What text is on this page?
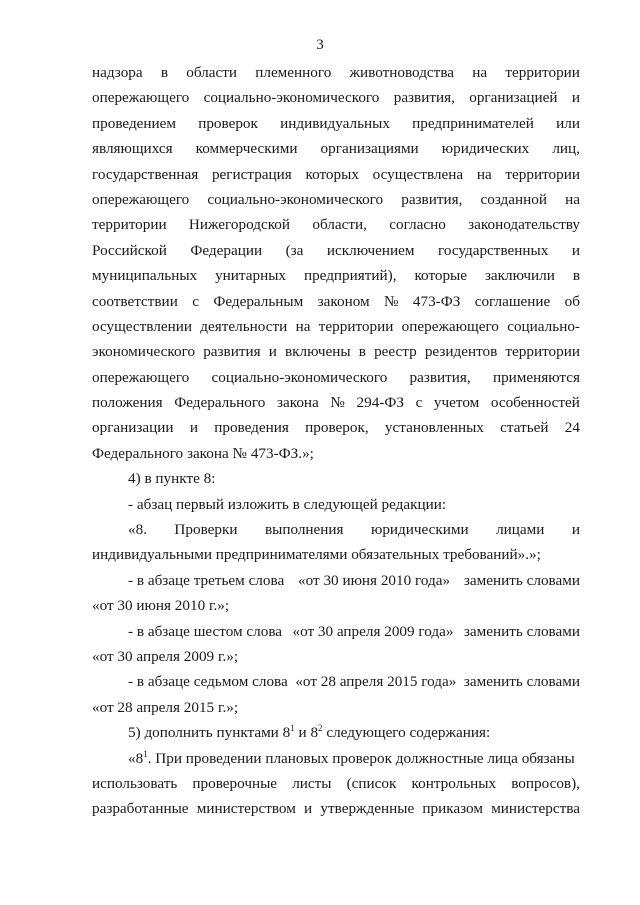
3
надзора в области племенного животноводства на территории
опережающего социально-экономического развития, организацией и
проведением проверок индивидуальных предпринимателей или
являющихся коммерческими организациями юридических лиц,
государственная регистрация которых осуществлена на территории
опережающего социально-экономического развития, созданной на
территории Нижегородской области, согласно законодательству
Российской Федерации (за исключением государственных и
муниципальных унитарных предприятий), которые заключили в
соответствии с Федеральным законом № 473-ФЗ соглашение об
осуществлении деятельности на территории опережающего социально-
экономического развития и включены в реестр резидентов территории
опережающего социально-экономического развития, применяются
положения Федерального закона № 294-ФЗ с учетом особенностей
организации и проведения проверок, установленных статьей 24
Федерального закона № 473-ФЗ.»;
4) в пункте 8:
- абзац первый изложить в следующей редакции:
«8. Проверки выполнения юридическими лицами и
индивидуальными предпринимателями обязательных требований».»;
- в абзаце третьем слова «от 30 июня 2010 года» заменить словами
«от 30 июня 2010 г.»;
- в абзаце шестом слова «от 30 апреля 2009 года» заменить словами
«от 30 апреля 2009 г.»;
- в абзаце седьмом слова «от 28 апреля 2015 года» заменить словами
«от 28 апреля 2015 г.»;
5) дополнить пунктами $8^1$ и $8^2$ следующего содержания:
«$8^1$. При проведении плановых проверок должностные лица обязаны
использовать проверочные листы (список контрольных вопросов),
разработанные министерством и утвержденные приказом министерства
